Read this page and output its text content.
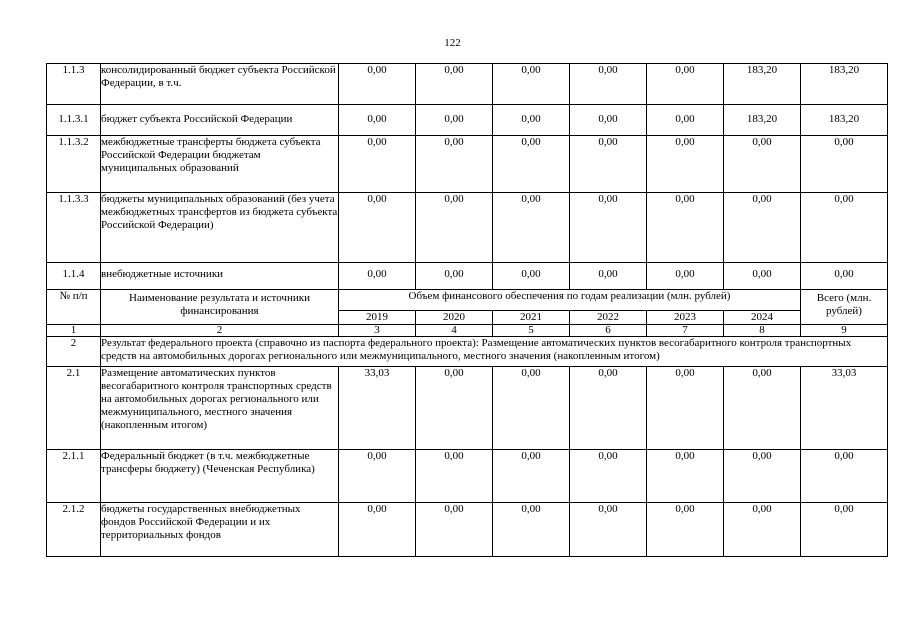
122
1.1.3	консолидированный бюджет субъекта Российской Федерации, в т.ч.	0,00	0,00	0,00	0,00	0,00	183,20	183,20
1.1.3.1	бюджет субъекта Российской Федерации	0,00	0,00	0,00	0,00	0,00	183,20	183,20
1.1.3.2	межбюджетные трансферты бюджета субъекта Российской Федерации бюджетам муниципальных образований	0,00	0,00	0,00	0,00	0,00	0,00	0,00
1.1.3.3	бюджеты муниципальных образований (без учета межбюджетных трансфертов из бюджета субъекта Российской Федерации)	0,00	0,00	0,00	0,00	0,00	0,00	0,00
1.1.4	внебюджетные источники	0,00	0,00	0,00	0,00	0,00	0,00	0,00
№ п/п	Наименование результата и источники финансирования	Объем финансового обеспечения по годам реализации (млн. рублей)						Всего (млн. рублей)
		2019	2020	2021	2022	2023	2024	
1	2	3	4	5	6	7	8	9
2	Результат федерального проекта (справочно из паспорта федерального проекта): Размещение автоматических пунктов весогабаритного контроля транспортных средств на автомобильных дорогах регионального или межмуниципального, местного значения (накопленным итогом)							

2.1	Размещение автоматических пунктов весогабаритного контроля транспортных средств на автомобильных дорогах регионального или межмуниципального, местного значения (накопленным итогом)	33,03	0,00	0,00	0,00	0,00	0,00	33,03
2.1.1	Федеральный бюджет (в т.ч. межбюджетные трансферы бюджету) (Чеченская Республика)	0,00	0,00	0,00	0,00	0,00	0,00	0,00
2.1.2	бюджеты государственных внебюджетных фондов Российской Федерации и их территориальных фондов	0,00	0,00	0,00	0,00	0,00	0,00	0,00
